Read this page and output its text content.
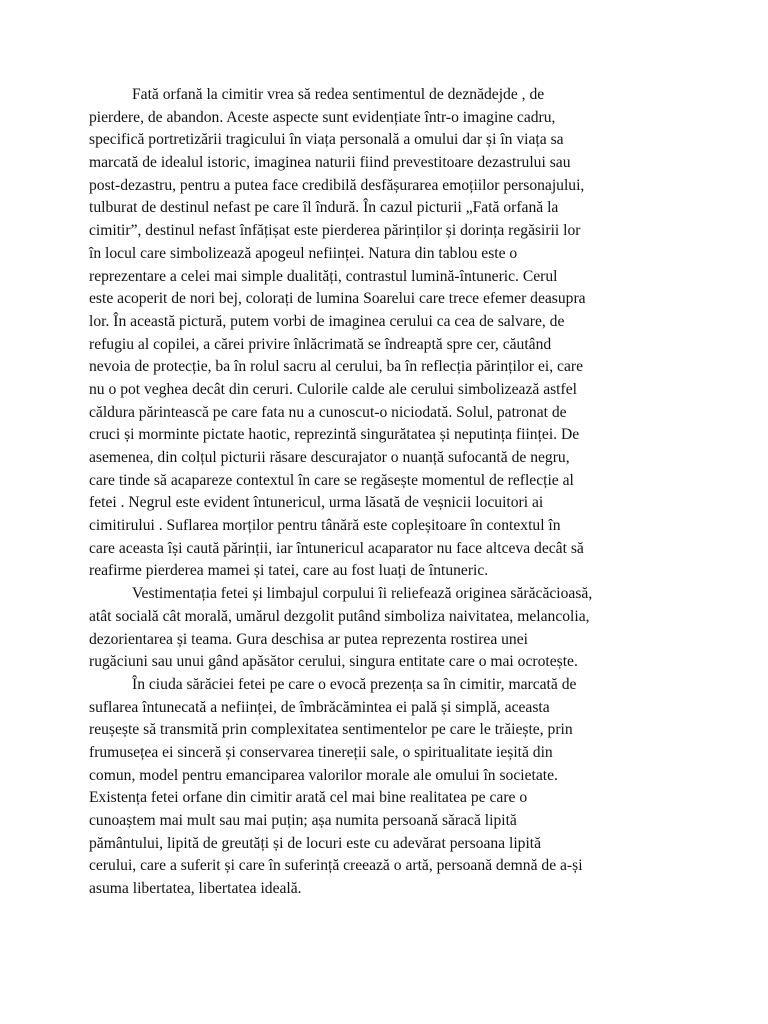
Fată orfană la cimitir vrea să redea sentimentul de deznădejde , de
pierdere, de abandon. Aceste aspecte sunt evidențiate într-o imagine cadru,
specifică portretizării tragicului în viața personală a omului dar și în viața sa
marcată de idealul istoric, imaginea naturii fiind prevestitoare dezastrului sau
post-dezastru, pentru a putea face credibilă desfășurarea emoțiilor personajului,
tulburat de destinul nefast pe care îl îndură. În cazul picturii „Fată orfană la
cimitir”, destinul nefast înfățișat este pierderea părinților și dorința regăsirii lor
în locul care simbolizează apogeul neființei. Natura din tablou este o
reprezentare a celei mai simple dualități, contrastul lumină-întuneric. Cerul
este acoperit de nori bej, colorați de lumina Soarelui care trece efemer deasupra
lor. În această pictură, putem vorbi de imaginea cerului ca cea de salvare, de
refugiu al copilei, a cărei privire înlăcrimată se îndreaptă spre cer, căutând
nevoia de protecție, ba în rolul sacru al cerului, ba în reflecția părinților ei, care
nu o pot veghea decât din ceruri. Culorile calde ale cerului simbolizează astfel
căldura părintească pe care fata nu a cunoscut-o niciodată. Solul, patronat de
cruci și morminte pictate haotic, reprezintă singurătatea și neputința ființei. De
asemenea, din colțul picturii răsare descurajator o nuanță sufocantă de negru,
care tinde să acapareze contextul în care se regăsește momentul de reflecție al
fetei . Negrul este evident întunericul, urma lăsată de veșnicii locuitori ai
cimitirului . Suflarea morților pentru tânără este copleșitoare în contextul în
care aceasta își caută părinții, iar întunericul acaparator nu face altceva decât să
reafirme pierderea mamei și tatei, care au fost luați de întuneric.
Vestimentația fetei și limbajul corpului îi reliefează originea sărăcăcioasă,
atât socială cât morală, umărul dezgolit putând simboliza naivitatea, melancolia,
dezorientarea și teama. Gura deschisa ar putea reprezenta rostirea unei
rugăciuni sau unui gând apăsător cerului, singura entitate care o mai ocrotește.
În ciuda sărăciei fetei pe care o evocă prezența sa în cimitir, marcată de
suflarea întunecată a neființei, de îmbrăcămintea ei pală și simplă, aceasta
reușește să transmită prin complexitatea sentimentelor pe care le trăiește, prin
frumusețea ei sinceră și conservarea tinereții sale, o spiritualitate ieșită din
comun, model pentru emanciparea valorilor morale ale omului în societate.
Existența fetei orfane din cimitir arată cel mai bine realitatea pe care o
cunoaștem mai mult sau mai puțin; așa numita persoană săracă lipită
pământului, lipită de greutăți și de locuri este cu adevărat persoana lipită
cerului, care a suferit și care în suferință creează o artă, persoană demnă de a-și
asuma libertatea, libertatea ideală.
